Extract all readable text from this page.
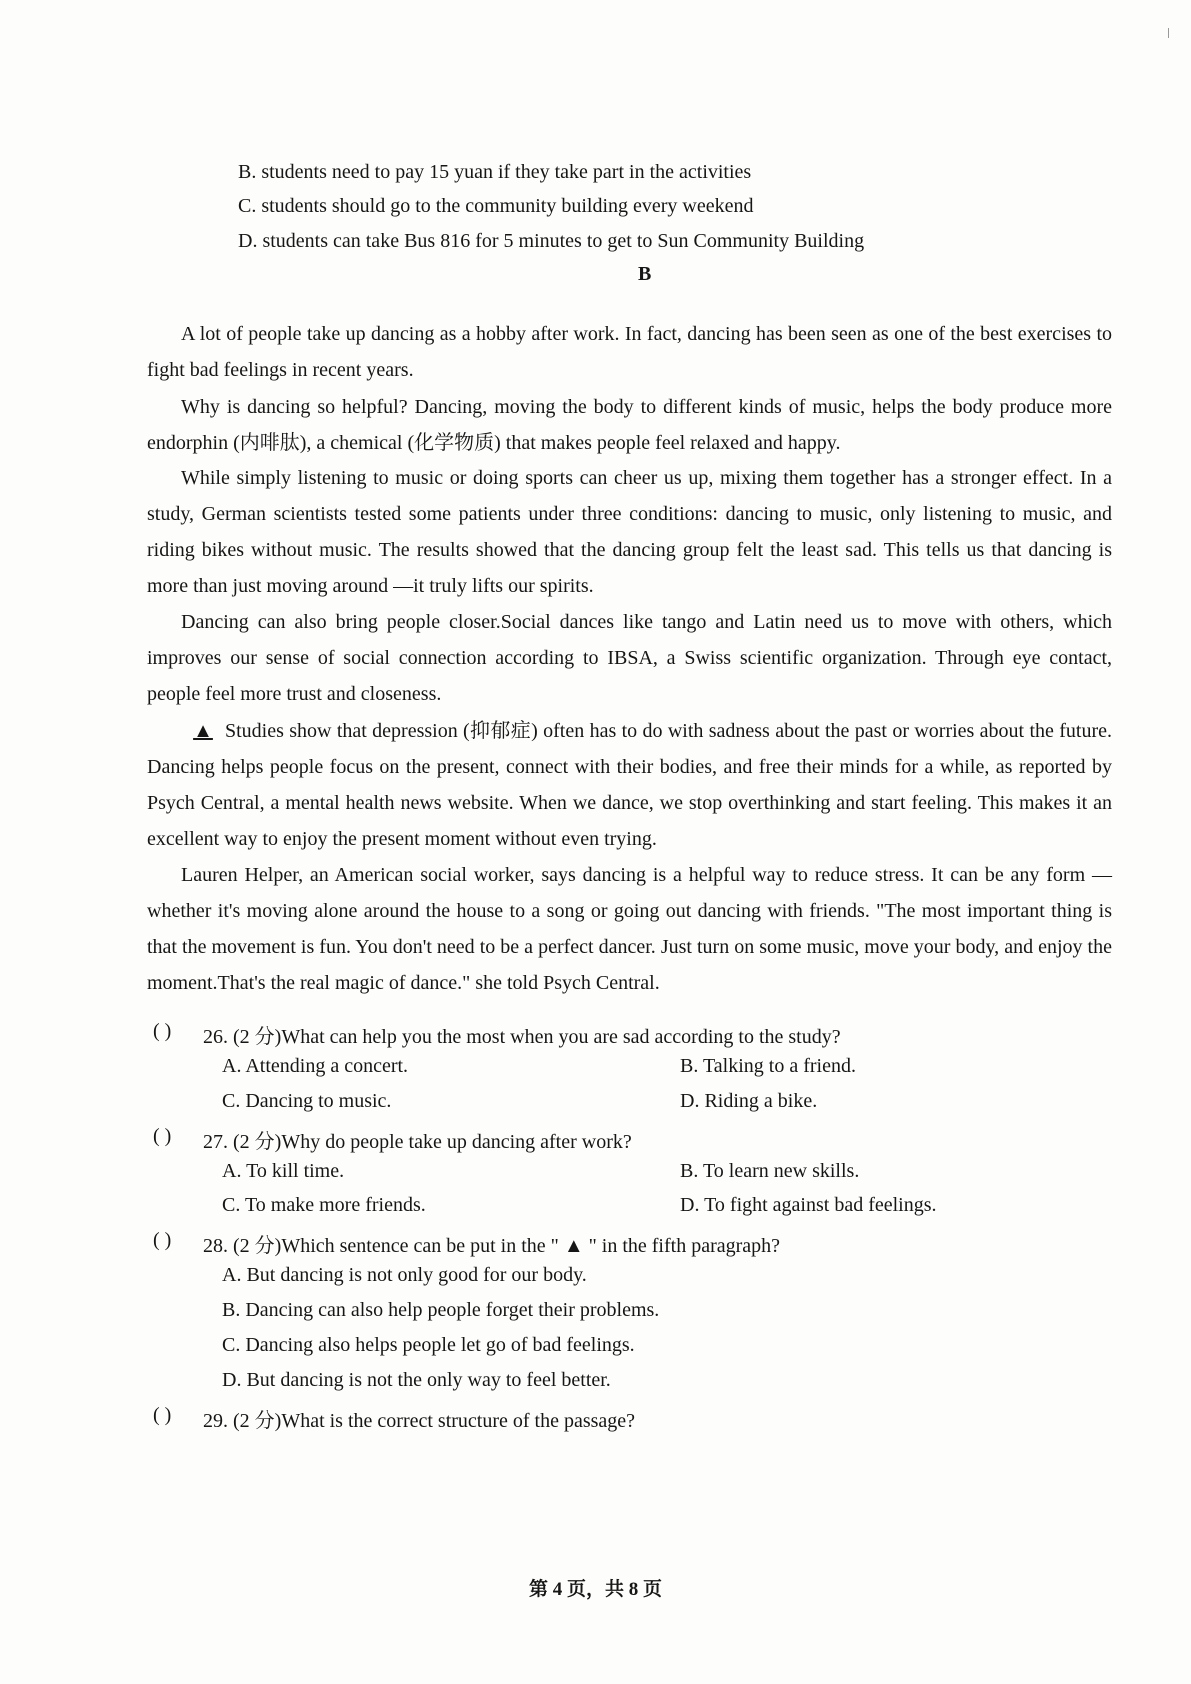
B. students need to pay 15 yuan if they take part in the activities
C. students should go to the community building every weekend
D. students can take Bus 816 for 5 minutes to get to Sun Community Building
B
A lot of people take up dancing as a hobby after work. In fact, dancing has been seen as one of the best exercises to fight bad feelings in recent years.
Why is dancing so helpful? Dancing, moving the body to different kinds of music, helps the body produce more endorphin (内啡肽), a chemical (化学物质) that makes people feel relaxed and happy.
While simply listening to music or doing sports can cheer us up, mixing them together has a stronger effect. In a study, German scientists tested some patients under three conditions: dancing to music, only listening to music, and riding bikes without music. The results showed that the dancing group felt the least sad. This tells us that dancing is more than just moving around —it truly lifts our spirits.
Dancing can also bring people closer.Social dances like tango and Latin need us to move with others, which improves our sense of social connection according to IBSA, a Swiss scientific organization. Through eye contact, people feel more trust and closeness.
▲ Studies show that depression (抑郁症) often has to do with sadness about the past or worries about the future. Dancing helps people focus on the present, connect with their bodies, and free their minds for a while, as reported by Psych Central, a mental health news website. When we dance, we stop overthinking and start feeling. This makes it an excellent way to enjoy the present moment without even trying.
Lauren Helper, an American social worker, says dancing is a helpful way to reduce stress. It can be any form —whether it's moving alone around the house to a song or going out dancing with friends. "The most important thing is that the movement is fun. You don't need to be a perfect dancer. Just turn on some music, move your body, and enjoy the moment.That's the real magic of dance." she told Psych Central.
( ) 26. (2 分)What can help you the most when you are sad according to the study?
A. Attending a concert.	B. Talking to a friend.
C. Dancing to music.	D. Riding a bike.
( ) 27. (2 分)Why do people take up dancing after work?
A. To kill time.	B. To learn new skills.
C. To make more friends.	D. To fight against bad feelings.
( ) 28. (2 分)Which sentence can be put in the " ▲ " in the fifth paragraph?
A. But dancing is not only good for our body.
B. Dancing can also help people forget their problems.
C. Dancing also helps people let go of bad feelings.
D. But dancing is not the only way to feel better.
( ) 29. (2 分)What is the correct structure of the passage?
第 4 页，共 8 页
